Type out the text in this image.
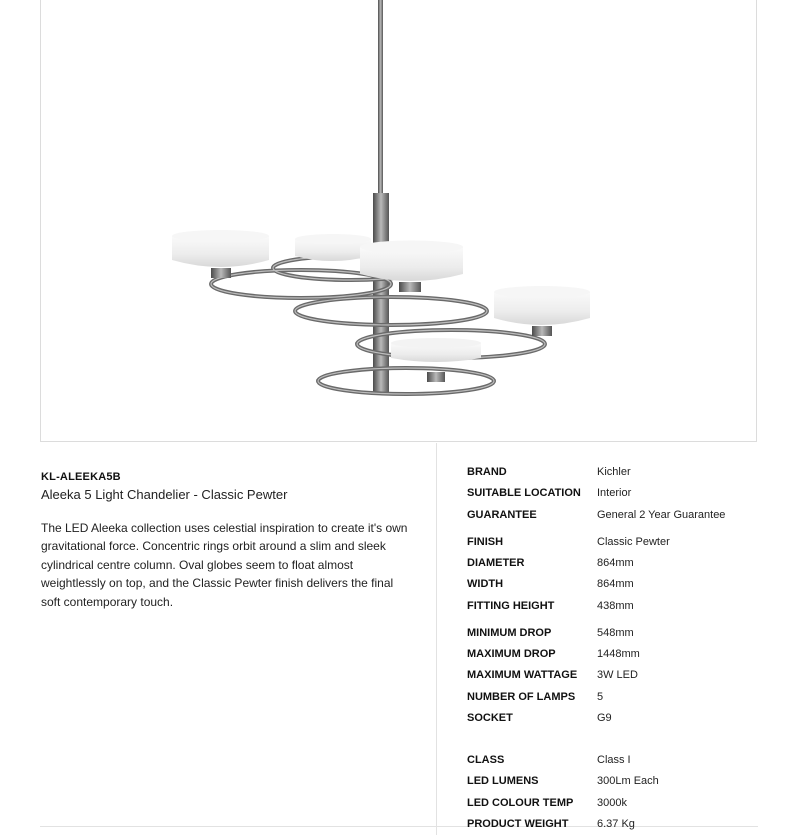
KL-ALEEKA5B
Aleeka 5 Light Chandelier - Classic Pewter
The LED Aleeka collection uses celestial inspiration to create it's own gravitational force. Concentric rings orbit around a slim and sleek cylindrical centre column. Oval globes seem to float almost weightlessly on top, and the Classic Pewter finish delivers the final soft contemporary touch.
BRAND	Kichler
SUITABLE LOCATION Interior
GUARANTEE	General 2 Year Guarantee
FINISH	Classic Pewter
DIAMETER	864mm
WIDTH	864mm
FITTING HEIGHT	438mm
MINIMUM DROP	548mm
MAXIMUM DROP	1448mm
MAXIMUM WATTAGE 3W LED
NUMBER OF LAMPS 5
SOCKET	G9
CLASS	Class I
LED LUMENS	300Lm Each
LED COLOUR TEMP 3000k
PRODUCT WEIGHT	6.37 Kg
